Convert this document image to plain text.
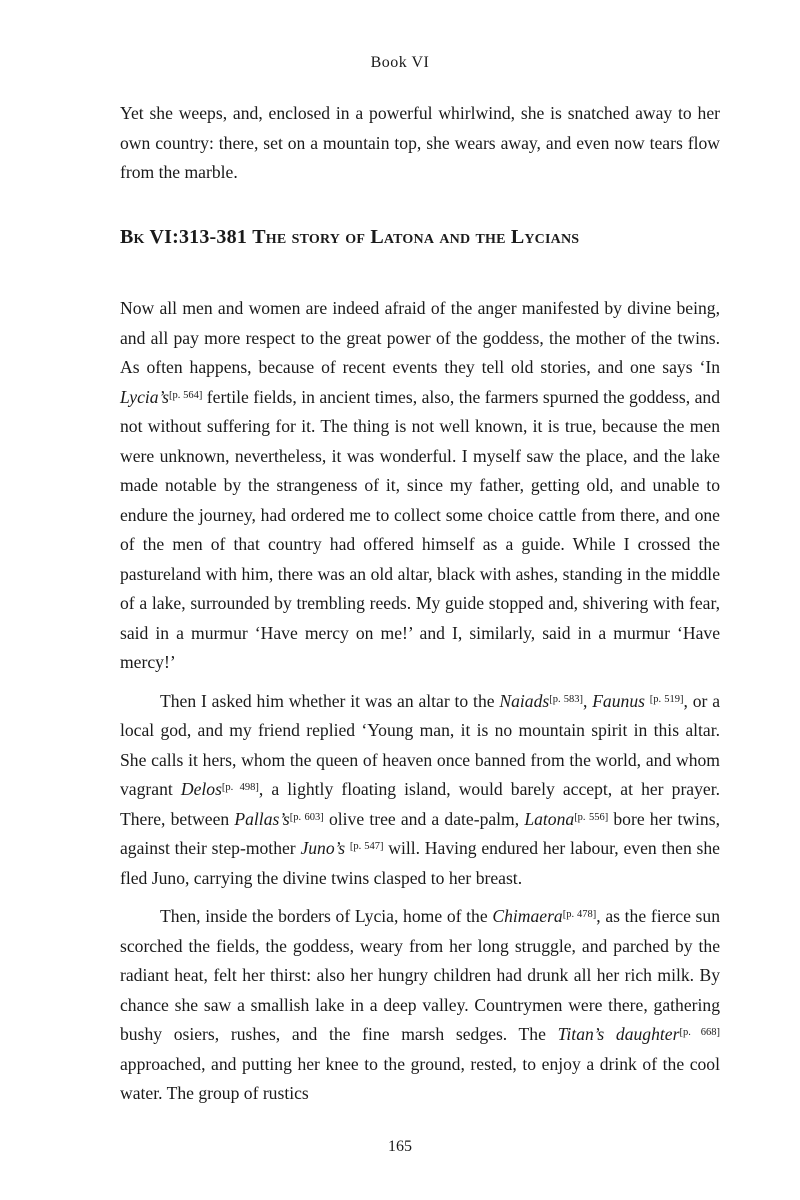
Book VI

Yet she weeps, and, enclosed in a powerful whirlwind, she is snatched away to her own country: there, set on a mountain top, she wears away, and even now tears flow from the marble.

Bk VI:313-381 The story of Latona and the Lycians

Now all men and women are indeed afraid of the anger manifested by divine being, and all pay more respect to the great power of the goddess, the mother of the twins. As often happens, because of recent events they tell old stories, and one says ‘In Lycia’s[p. 564] fertile fields, in ancient times, also, the farmers spurned the goddess, and not without suffering for it. The thing is not well known, it is true, because the men were unknown, nevertheless, it was wonderful. I myself saw the place, and the lake made notable by the strangeness of it, since my father, getting old, and unable to endure the journey, had ordered me to collect some choice cattle from there, and one of the men of that country had offered himself as a guide. While I crossed the pastureland with him, there was an old altar, black with ashes, standing in the middle of a lake, surrounded by trembling reeds. My guide stopped and, shivering with fear, said in a murmur ‘Have mercy on me!’ and I, similarly, said in a murmur ‘Have mercy!’

Then I asked him whether it was an altar to the Naiads[p. 583], Faunus [p. 519], or a local god, and my friend replied ‘Young man, it is no mountain spirit in this altar. She calls it hers, whom the queen of heaven once banned from the world, and whom vagrant Delos[p. 498], a lightly floating island, would barely accept, at her prayer. There, between Pallas’s[p. 603] olive tree and a date-palm, Latona[p. 556] bore her twins, against their step-mother Juno’s [p. 547] will. Having endured her labour, even then she fled Juno, carrying the divine twins clasped to her breast.

Then, inside the borders of Lycia, home of the Chimaera[p. 478], as the fierce sun scorched the fields, the goddess, weary from her long struggle, and parched by the radiant heat, felt her thirst: also her hungry children had drunk all her rich milk. By chance she saw a smallish lake in a deep valley. Countrymen were there, gathering bushy osiers, rushes, and the fine marsh sedges. The Titan’s daughter[p. 668] approached, and putting her knee to the ground, rested, to enjoy a drink of the cool water. The group of rustics

165
